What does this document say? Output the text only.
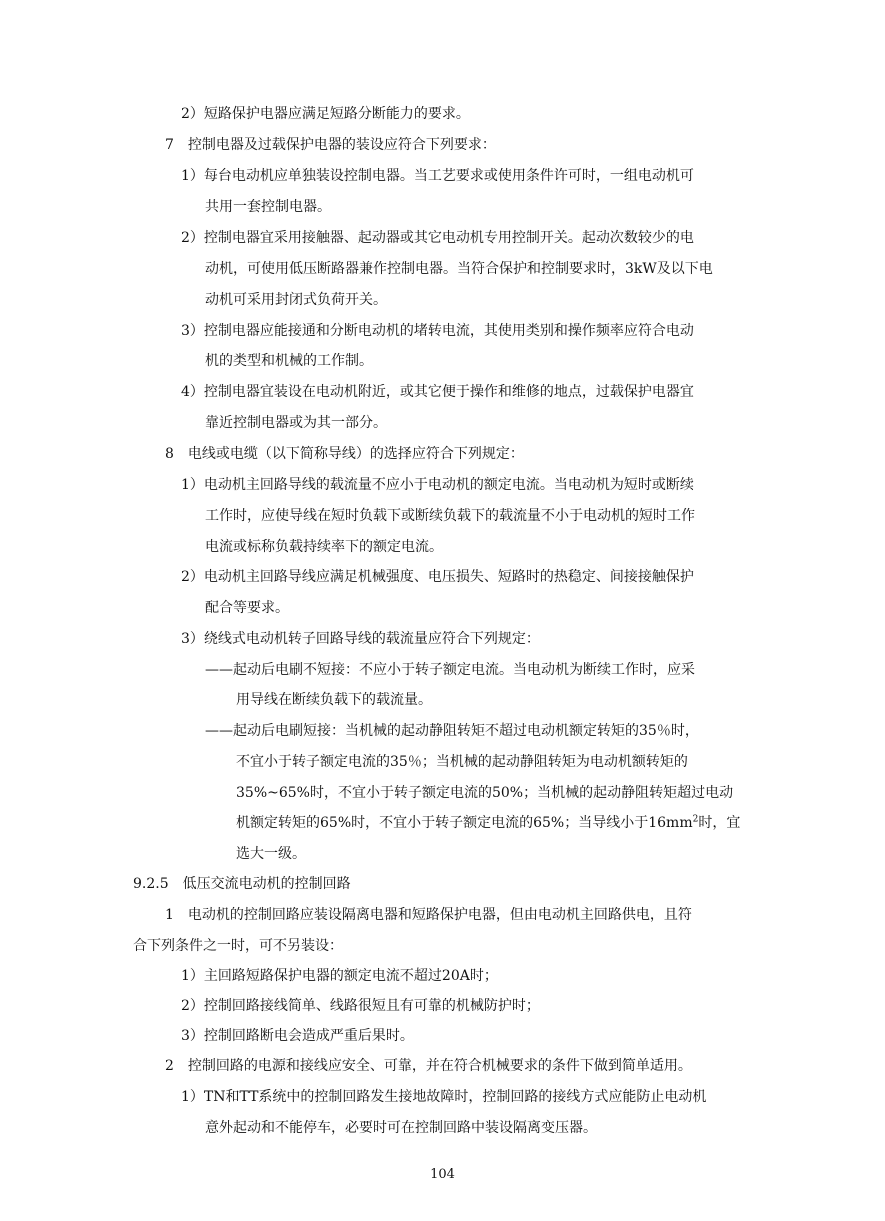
2）短路保护电器应满足短路分断能力的要求。
7　控制电器及过载保护电器的装设应符合下列要求：
1）每台电动机应单独装设控制电器。当工艺要求或使用条件许可时，一组电动机可
共用一套控制电器。
2）控制电器宜采用接触器、起动器或其它电动机专用控制开关。起动次数较少的电
动机，可使用低压断路器兼作控制电器。当符合保护和控制要求时，3kW及以下电
动机可采用封闭式负荷开关。
3）控制电器应能接通和分断电动机的堵转电流，其使用类别和操作频率应符合电动
机的类型和机械的工作制。
4）控制电器宜装设在电动机附近，或其它便于操作和维修的地点，过载保护电器宜
靠近控制电器或为其一部分。
8　电线或电缆（以下简称导线）的选择应符合下列规定：
1）电动机主回路导线的载流量不应小于电动机的额定电流。当电动机为短时或断续
工作时，应使导线在短时负载下或断续负载下的载流量不小于电动机的短时工作
电流或标称负载持续率下的额定电流。
2）电动机主回路导线应满足机械强度、电压损失、短路时的热稳定、间接接触保护
配合等要求。
3）绕线式电动机转子回路导线的载流量应符合下列规定：
——起动后电刷不短接：不应小于转子额定电流。当电动机为断续工作时，应采
用导线在断续负载下的载流量。
——起动后电刷短接：当机械的起动静阻转矩不超过电动机额定转矩的35％时，
不宜小于转子额定电流的35％；当机械的起动静阻转矩为电动机额转矩的
35%~65%时，不宜小于转子额定电流的50%；当机械的起动静阻转矩超过电动
机额定转矩的65%时，不宜小于转子额定电流的65%；当导线小于$16mm^2$时，宜
选大一级。
9.2.5　低压交流电动机的控制回路
1　电动机的控制回路应装设隔离电器和短路保护电器，但由电动机主回路供电，且符
合下列条件之一时，可不另装设：
1）主回路短路保护电器的额定电流不超过20A时；
2）控制回路接线简单、线路很短且有可靠的机械防护时；
3）控制回路断电会造成严重后果时。
2　控制回路的电源和接线应安全、可靠，并在符合机械要求的条件下做到简单适用。
1）TN和TT系统中的控制回路发生接地故障时，控制回路的接线方式应能防止电动机
意外起动和不能停车，必要时可在控制回路中装设隔离变压器。
104
